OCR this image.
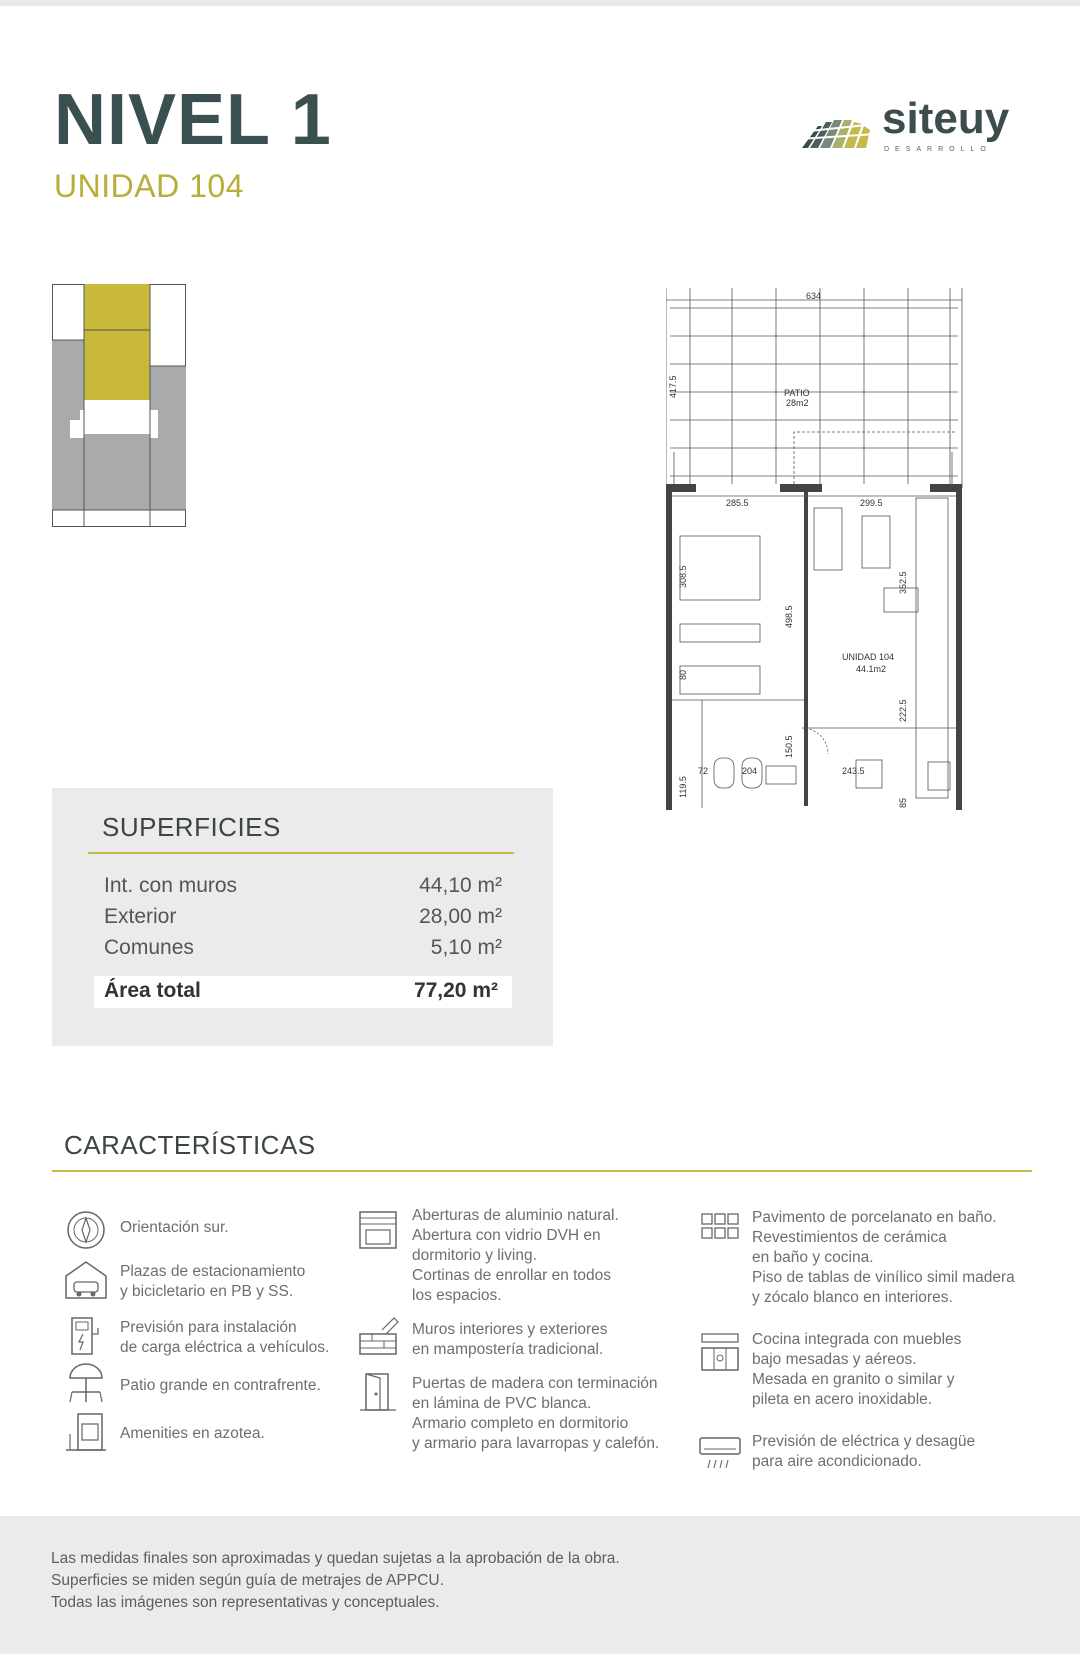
NIVEL 1
UNIDAD 104
siteuy
DESARROLLO
634
417.5
285.5	299.5
308.5
498.5
352.5
80
222.5
150.5
119.5
72	204	243.5
85
PATIO
28m2
UNIDAD 104
44.1m2
SUPERFICIES
Int. con muros	44,10 m²
Exterior	28,00 m²
Comunes	5,10 m²
Área total	77,20 m²
CARACTERÍSTICAS
Orientación sur.
Plazas de estacionamiento
y bicicletario en PB y SS.
Previsión para instalación
de carga eléctrica a vehículos.
Patio grande en contrafrente.
Amenities en azotea.
Aberturas de aluminio natural.
Abertura con vidrio DVH en
dormitorio y living.
Cortinas de enrollar en todos
los espacios.
Muros interiores y exteriores
en mampostería tradicional.
Puertas de madera con terminación
en lámina de PVC blanca.
Armario completo en dormitorio
y armario para lavarropas y calefón.
Pavimento de porcelanato en baño.
Revestimientos de cerámica
en baño y cocina.
Piso de tablas de vinílico simil madera
y zócalo blanco en interiores.
Cocina integrada con muebles
bajo mesadas y aéreos.
Mesada en granito o similar y
pileta en acero inoxidable.
Previsión de eléctrica y desagüe
para aire acondicionado.

Las medidas finales son aproximadas y quedan sujetas a la aprobación de la obra.

Superficies se miden según guía de metrajes de APPCU.

Todas las imágenes son representativas y conceptuales.
